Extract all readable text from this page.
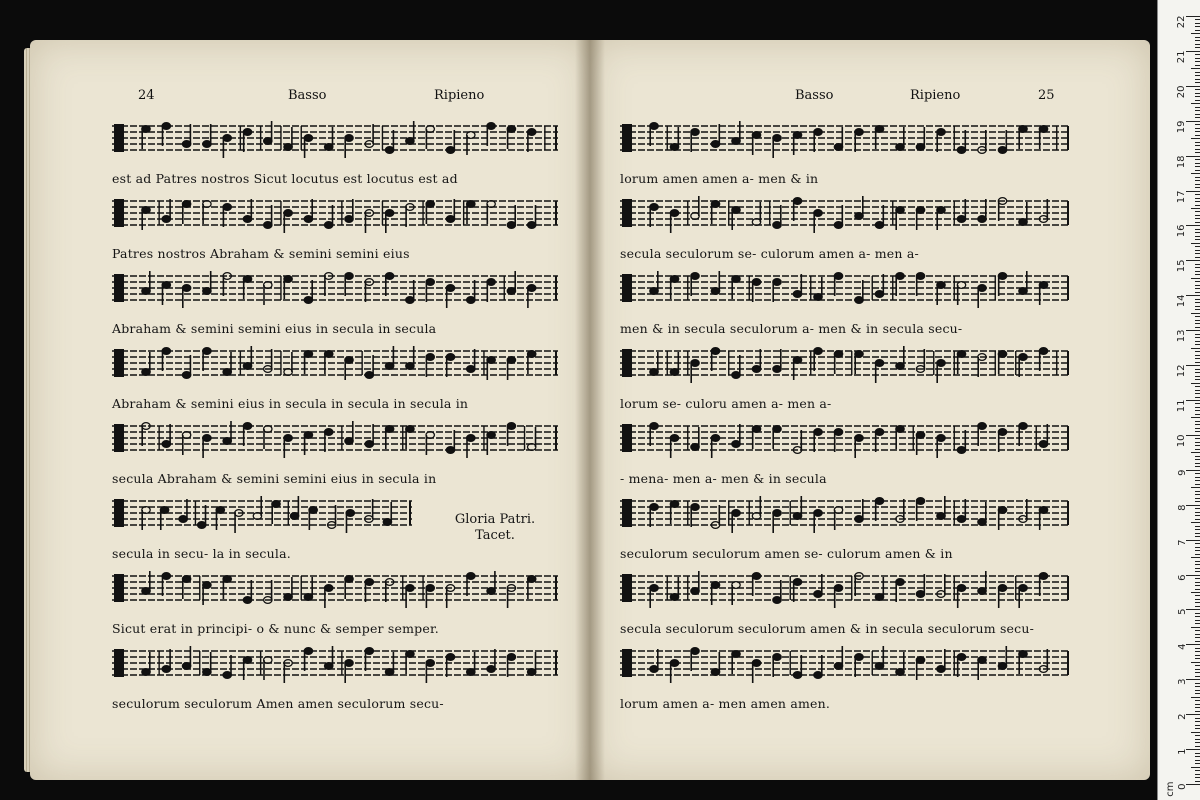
24	Basso	Ripieno
est ad Patres nostros Sicut locutus est locutus est ad
Patres nostros Abraham & semini semini eius
Abraham & semini semini eius in secula in secula
Abraham & semini eius in secula in secula in secula in
secula Abraham & semini semini eius in secula in
secula in secu- la in secula.
Sicut erat in principi- o & nunc & semper semper.
seculorum seculorum Amen amen seculorum secu-
Gloria Patri.
Tacet.
Basso	Ripieno	25
lorum amen amen a- men & in
secula seculorum se- culorum amen a- men a-
men & in secula seculorum a- men & in secula secu-
lorum se- culoru amen a- men a-
- mena- men a- men & in secula
seculorum seculorum amen se- culorum amen & in
secula seculorum seculorum amen & in secula seculorum secu-
lorum amen a- men amen amen.
22
21
20
19
18
17
16
15
14
13
12
11
10
9
8
7
6
5
4
3
2
1
0
cm
